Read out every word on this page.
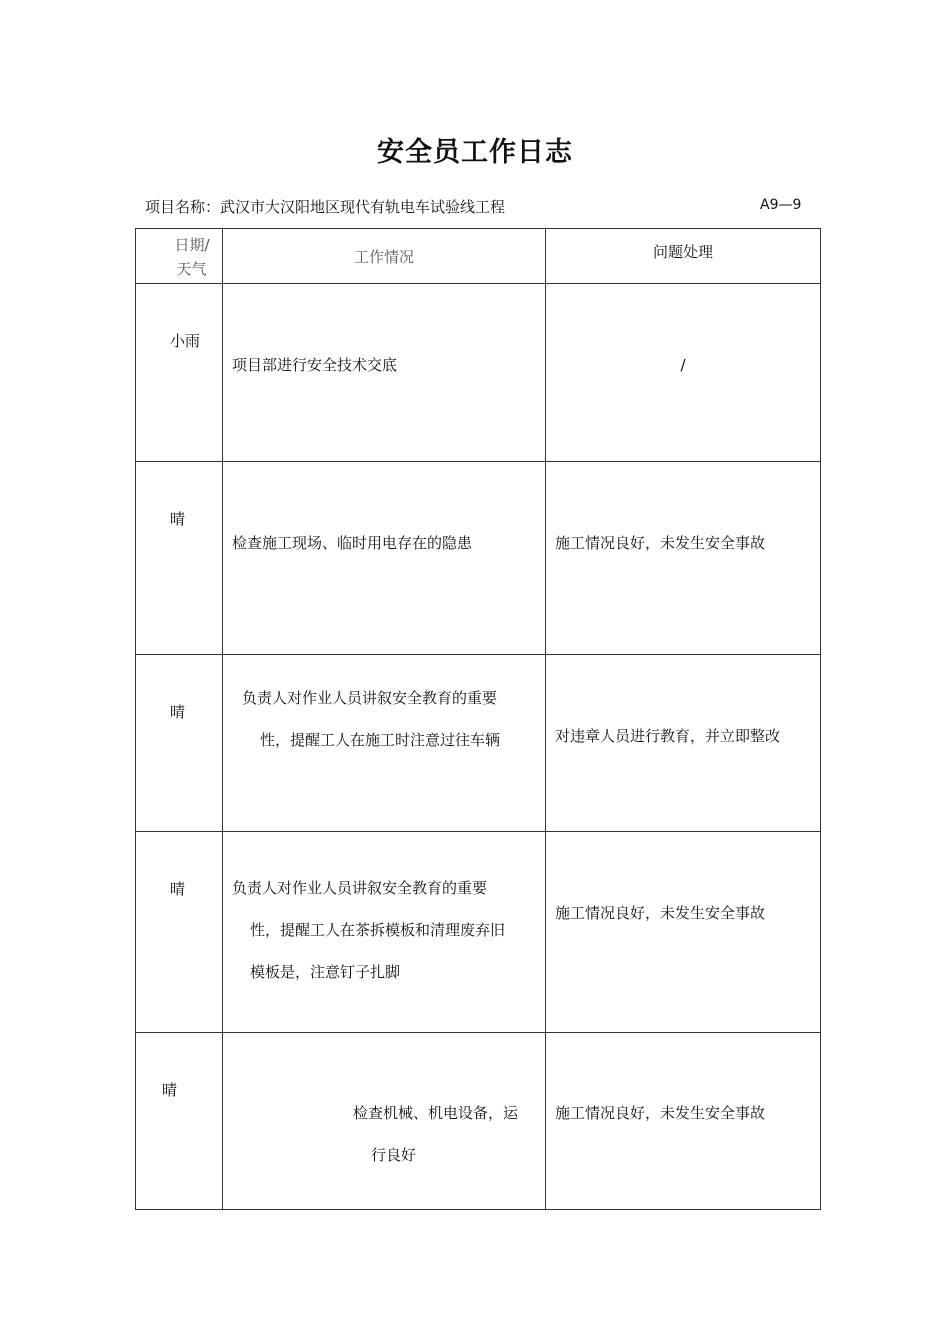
安全员工作日志
项目名称：武汉市大汉阳地区现代有轨电车试验线工程	A9—9
日期/
天气	工作情况	问题处理

小雨	项目部进行安全技术交底	/

晴	检查施工现场、临时用电存在的隐患	施工情况良好，未发生安全事故

晴	负责人对作业人员讲叙安全教育的重要
性，提醒工人在施工时注意过往车辆	对违章人员进行教育，并立即整改

晴	负责人对作业人员讲叙安全教育的重要
性，提醒工人在茶拆模板和清理废弃旧
模板是，注意钉子扎脚	施工情况良好，未发生安全事故

晴	检查机械、机电设备，运
行良好	施工情况良好，未发生安全事故
